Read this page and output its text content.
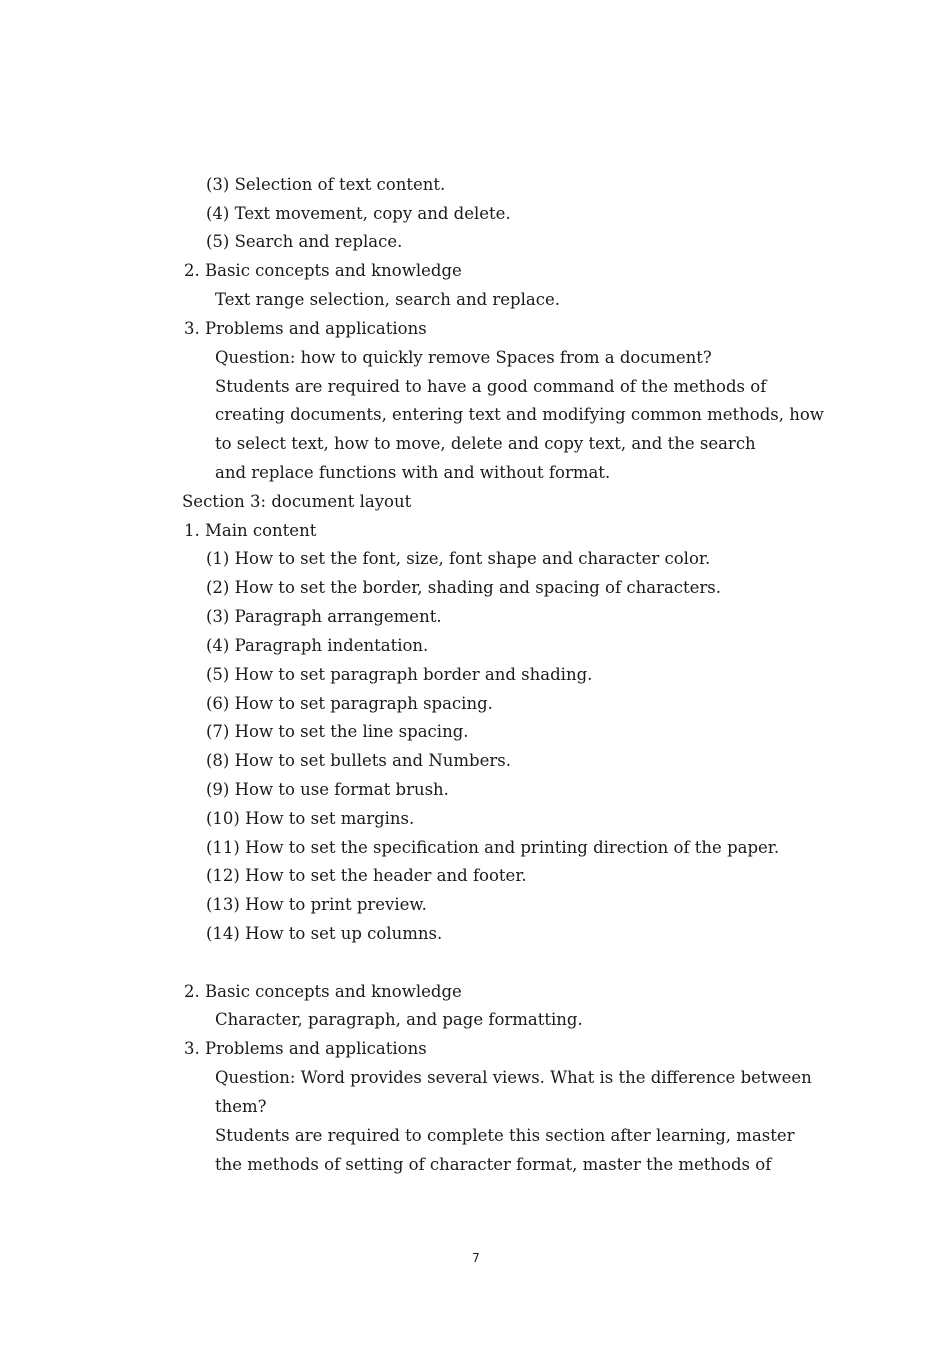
(3) Selection of text content.

(4) Text movement, copy and delete.

(5) Search and replace.

2. Basic concepts and knowledge

Text range selection, search and replace.

3. Problems and applications

Question: how to quickly remove Spaces from a document?

Students are required to have a good command of the methods of

creating documents, entering text and modifying common methods, how

to select text, how to move, delete and copy text, and the search

and replace functions with and without format.

Section 3: document layout

1. Main content

(1) How to set the font, size, font shape and character color.

(2) How to set the border, shading and spacing of characters.

(3) Paragraph arrangement.

(4) Paragraph indentation.

(5) How to set paragraph border and shading.

(6) How to set paragraph spacing.

(7) How to set the line spacing.

(8) How to set bullets and Numbers.

(9) How to use format brush.

(10) How to set margins.

(11) How to set the specification and printing direction of the paper.

(12) How to set the header and footer.

(13) How to print preview.

(14) How to set up columns.

2. Basic concepts and knowledge

Character, paragraph, and page formatting.

3. Problems and applications

Question: Word provides several views. What is the difference between

them?

Students are required to complete this section after learning, master

the methods of setting of character format, master the methods of

7
